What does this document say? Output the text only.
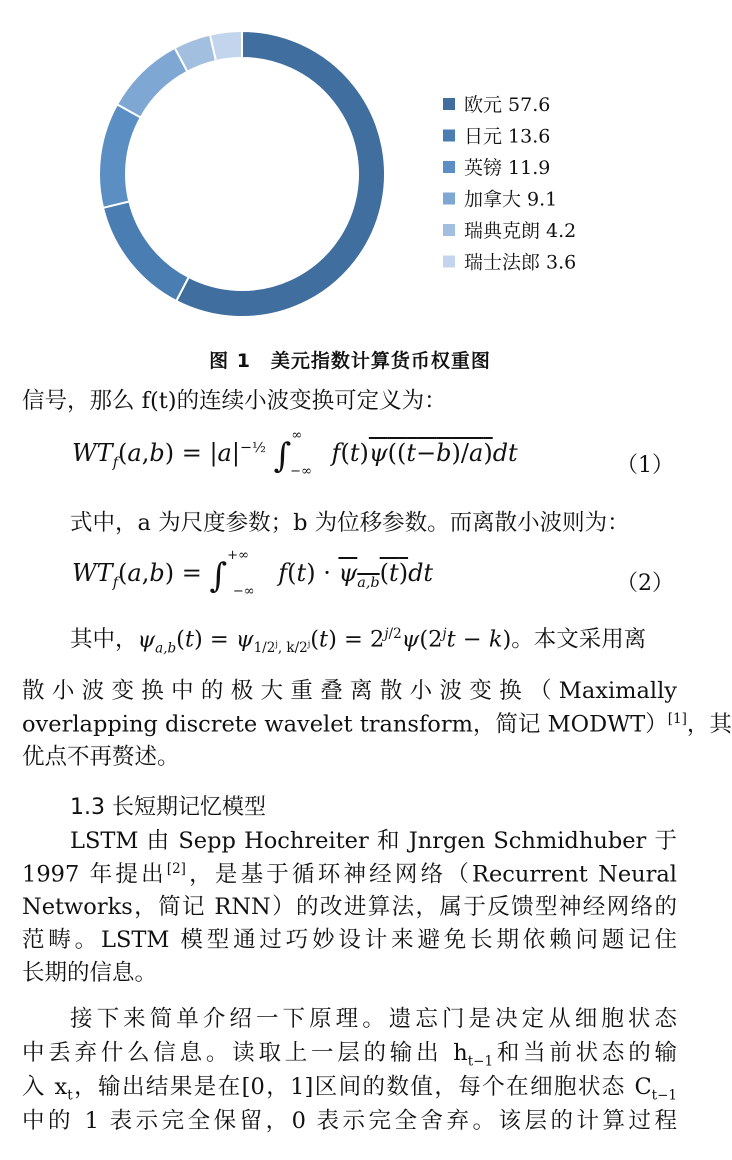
欧元 57.6
日元 13.6
英镑 11.9
加拿大 9.1
瑞典克朗 4.2
瑞士法郎 3.6
图 1　美元指数计算货币权重图
信号，那么 f(t)的连续小波变换可定义为：
$WT_f(a,b) = |a|^{-\frac{1}{2}}$ $\int^\infty_{-\infty}$ f(t)ψ((t−b)/a)dt	（1）
式中，a 为尺度参数；b 为位移参数。而离散小波则为：
$WT_f(a,b) = \int^{+\infty}_{-\infty}$ $f(t) \cdot \psi_{a,b}(t)dt$	（2）
其中，$\psi_{a,b}(t) = \psi_{1/2^j, k/2^j}(t) = 2^{j/2}\psi(2^jt - k)$。本文采用离
散小波变换中的极大重叠离散小波变换（Maximally
overlapping discrete wavelet transform，简记 MODWT）[1]，其
优点不再赘述。
1.3 长短期记忆模型
LSTM 由 Sepp Hochreiter 和 Jnrgen Schmidhuber 于
1997 年提出[2]，是基于循环神经网络（Recurrent Neural
Networks，简记 RNN）的改进算法，属于反馈型神经网络的
范畴。LSTM 模型通过巧妙设计来避免长期依赖问题记住
长期的信息。
接下来简单介绍一下原理。遗忘门是决定从细胞状态
中丢弃什么信息。读取上一层的输出 $h_{t-1}$和当前状态的输
入 $x_t$，输出结果是在[0，1]区间的数值，每个在细胞状态 $C_{t-1}$
中的 1 表示完全保留，0 表示完全舍弃。该层的计算过程
